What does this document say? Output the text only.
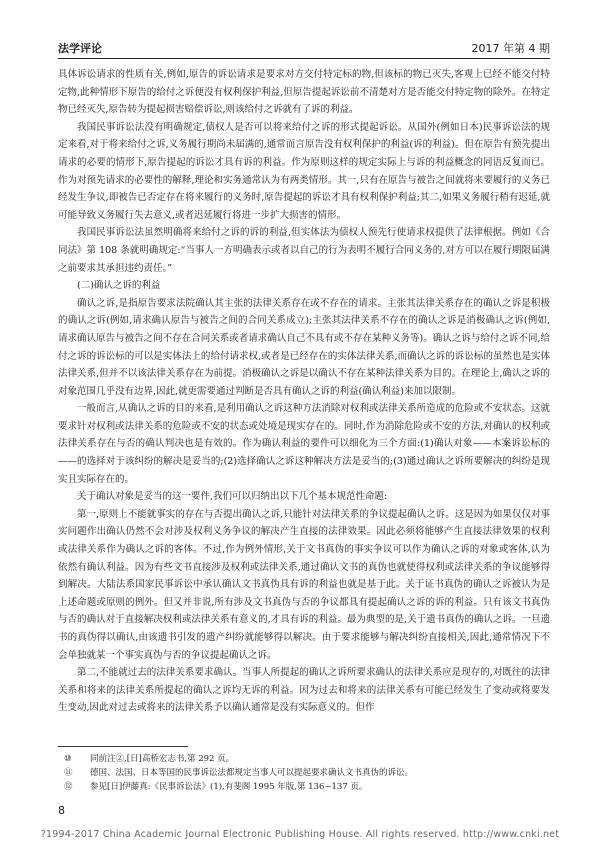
法学评论	2017 年第 4 期

具体诉讼请求的性质有关,例如,原告的诉讼请求是要求对方交付特定标的物,但该标的物已灭失,客观上已经不能交付特定物,此种情形下原告的给付之诉便没有权利保护利益,但原告提起诉讼前不清楚对方是否能交付特定物的除外。在特定物已经灭失,原告转为提起损害赔偿诉讼,则该给付之诉就有了诉的利益。

我国民事诉讼法没有明确规定,债权人是否可以将来给付之诉的形式提起诉讼。从国外(例如日本)民事诉讼法的规定来看,对于将来给付之诉,义务履行期尚未届满的,通常而言原告没有权利保护的利益(诉的利益)。但在原告有预先提出请求的必要的情形下,原告提起的诉讼才具有诉的利益。作为原则这样的规定实际上与诉的利益概念的同语反复而已。作为对预先请求的必要性的解释,理论和实务通常认为有两类情形。其一,只有在原告与被告之间就将来要履行的义务已经发生争议,即被告已否定存在将来履行的义务时,原告提起的诉讼才具有权利保护利益;其二,如果义务履行稍有迟延,就可能导致义务履行失去意义,或者迟延履行将进一步扩大损害的情形。

我国民事诉讼法虽然明确将来给付之诉的诉的利益,但实体法为债权人预先行使请求权提供了法律根据。例如《合同法》第 108 条就明确规定:“当事人一方明确表示或者以自己的行为表明不履行合同义务的,对方可以在履行期限届满之前要求其承担违约责任。”

(二)确认之诉的利益

确认之诉,是指原告要求法院确认其主张的法律关系存在或不存在的请求。主张其法律关系存在的确认之诉是积极的确认之诉(例如,请求确认原告与被告之间的合同关系成立);主张其法律关系不存在的确认之诉是消极确认之诉(例如,请求确认原告与被告之间不存在合同关系或者请求确认自己不具有或不存在某种义务等)。确认之诉与给付之诉不同,给付之诉的诉讼标的可以是实体法上的给付请求权,或者是已经存在的实体法律关系,而确认之诉的诉讼标的虽然也是实体法律关系,但并不以该法律关系存在为前提。消极确认之诉是以确认不存在某种法律关系为目的。在理论上,确认之诉的对象范围几乎没有边界,因此,就更需要通过判断是否具有确认之诉的利益(确认利益)来加以限制。

一般而言,从确认之诉的目的来看,是利用确认之诉这种方法消除对权利或法律关系所造成的危险或不安状态。这就要求针对权利或法律关系的危险或不安的状态或处境是现实存在的。同时,作为消除危险或不安的方法,对确认的权利或法律关系存在与否的确认判决也是有效的。作为确认利益的要件可以细化为三个方面:(1)确认对象——本案诉讼标的——的选择对于该纠纷的解决是妥当的;(2)选择确认之诉这种解决方法是妥当的;(3)通过确认之诉所要解决的纠纷是现实且实际存在的。

关于确认对象是妥当的这一要件,我们可以归纳出以下几个基本规范性命题:

第一,原则上不能就事实的存在与否提出确认之诉,只能针对法律关系的争议提起确认之诉。这是因为如果仅仅对事实问题作出确认仍然不会对涉及权利义务争议的解决产生直接的法律效果。因此必须将能够产生直接法律效果的权利或法律关系作为确认之诉的客体。不过,作为例外情形,关于文书真伪的事实争议可以作为确认之诉的对象或客体,认为依然有确认利益。因为有些文书直接涉及权利或法律关系,通过确认文书的真伪也就使得权利或法律关系的争议能够得到解决。大陆法系国家民事诉讼中承认确认文书真伪具有诉的利益也就是基于此。关于证书真伪的确认之诉被认为是上述命题或原则的例外。但又并非说,所有涉及文书真伪与否的争议都具有提起确认之诉的诉的利益。只有该文书真伪与否的确认对于直接解决权利或法律关系有意义的,才具有诉的利益。最为典型的是,关于遗书真伪的确认之诉。一旦遗书的真伪得以确认,由该遗书引发的遗产纠纷就能够得以解决。由于要求能够与解决纠纷直接相关,因此,通常情况下不会单独就某一个事实真伪与否的争议提起确认之诉。

第二,不能就过去的法律关系要求确认。当事人所提起的确认之诉所要求确认的法律关系应是现存的,对既往的法律关系和将来的法律关系所提起的确认之诉均无诉的利益。因为过去和将来的法律关系有可能已经发生了变动或将要发生变动,因此对过去或将来的法律关系予以确认通常是没有实际意义的。但作

⑩	同前注②,[日]高桥宏志书,第 292 页。
⑪	德国、法国、日本等国的民事诉讼法都规定当事人可以提起要求确认文书真伪的诉讼。
⑫	参见[日]伊藤真:《民事诉讼法》(1),有斐阁 1995 年版,第 136~137 页。
8
?1994-2017 China Academic Journal Electronic Publishing House. All rights reserved. http://www.cnki.net
